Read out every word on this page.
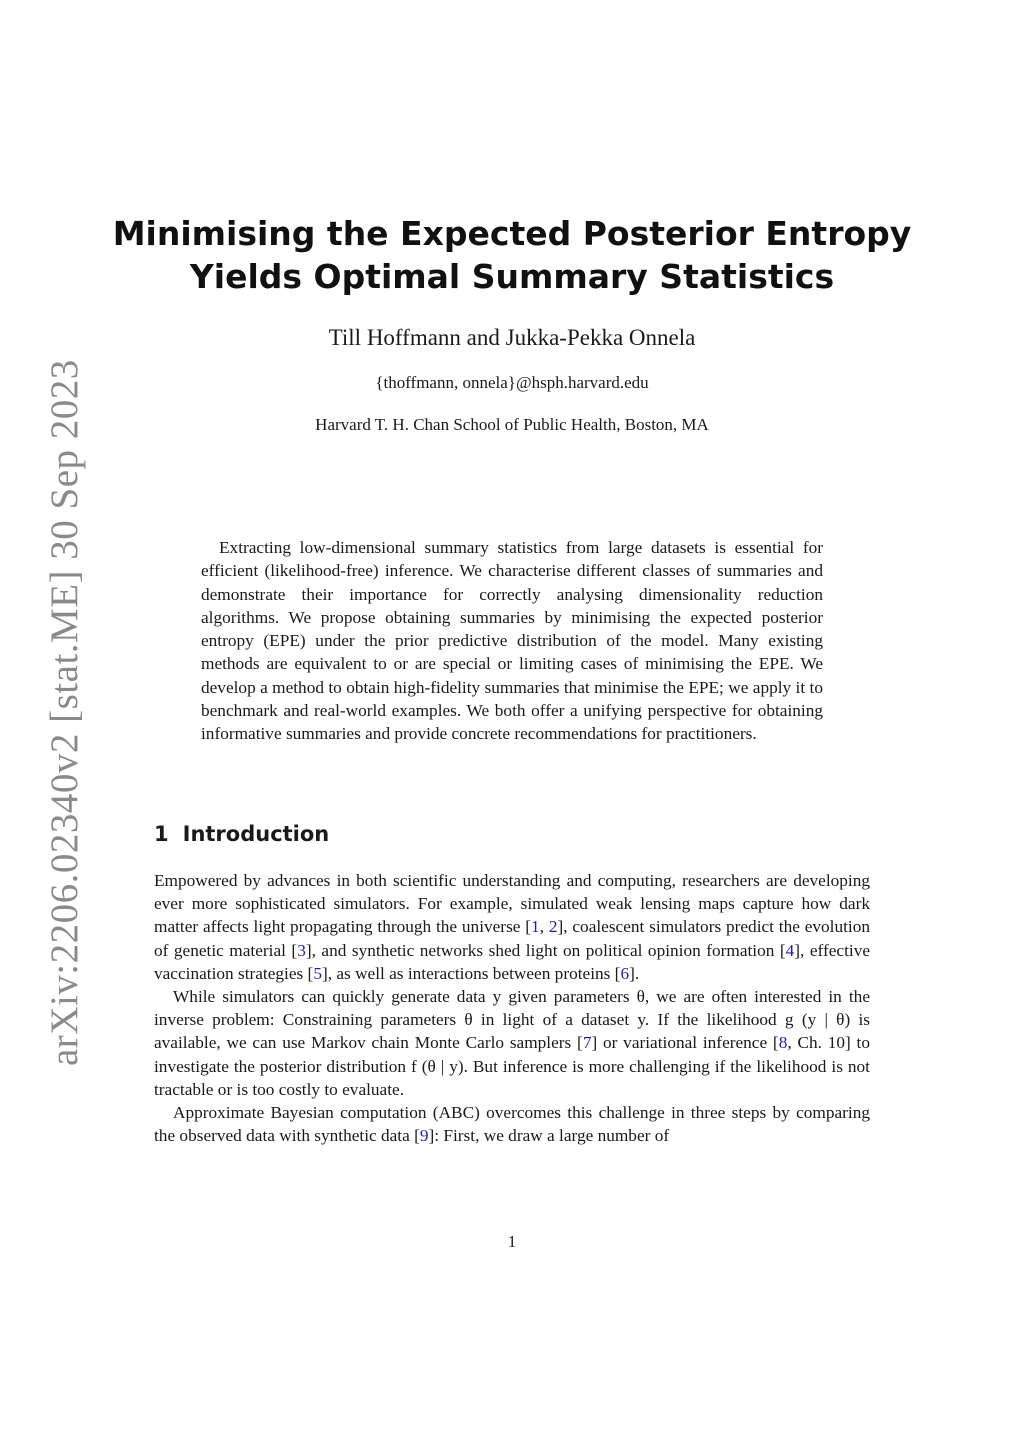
arXiv:2206.02340v2 [stat.ME] 30 Sep 2023
Minimising the Expected Posterior Entropy
Yields Optimal Summary Statistics
Till Hoffmann and Jukka-Pekka Onnela
{thoffmann, onnela}@hsph.harvard.edu
Harvard T. H. Chan School of Public Health, Boston, MA

Extracting low-dimensional summary statistics from large datasets is essential for efficient (likelihood-free) inference. We characterise different classes of summaries and demonstrate their importance for correctly analysing dimensionality reduction algorithms. We propose obtaining summaries by minimising the expected posterior entropy (EPE) under the prior predictive distribution of the model. Many existing methods are equivalent to or are special or limiting cases of minimising the EPE. We develop a method to obtain high-fidelity summaries that minimise the EPE; we apply it to benchmark and real-world examples. We both offer a unifying perspective for obtaining informative summaries and provide concrete recommendations for practitioners.

1 Introduction

Empowered by advances in both scientific understanding and computing, researchers are developing ever more sophisticated simulators. For example, simulated weak lensing maps capture how dark matter affects light propagating through the universe [1, 2], coalescent simulators predict the evolution of genetic material [3], and synthetic networks shed light on political opinion formation [4], effective vaccination strategies [5], as well as interactions between proteins [6].

While simulators can quickly generate data y given parameters θ, we are often interested in the inverse problem: Constraining parameters θ in light of a dataset y. If the likelihood g (y | θ) is available, we can use Markov chain Monte Carlo samplers [7] or variational inference [8, Ch. 10] to investigate the posterior distribution f (θ | y). But inference is more challenging if the likelihood is not tractable or is too costly to evaluate.

Approximate Bayesian computation (ABC) overcomes this challenge in three steps by comparing the observed data with synthetic data [9]: First, we draw a large number of

1
